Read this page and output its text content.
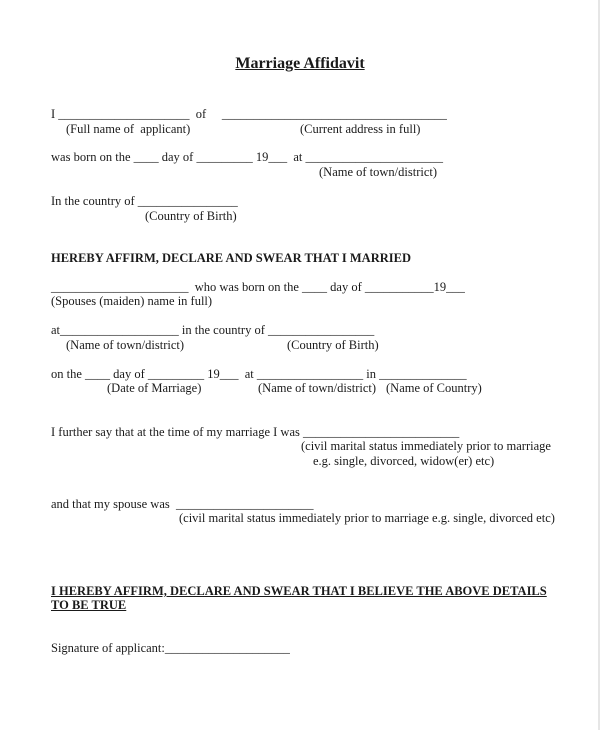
Marriage Affidavit
I _____________________  of     ____________________________________
(Full name of  applicant)	(Current address in full)
was born on the ____ day of _________ 19___  at ______________________
(Name of town/district)
In the country of ________________
(Country of Birth)
HEREBY AFFIRM, DECLARE AND SWEAR THAT I MARRIED
______________________  who was born on the ____ day of ___________19___
(Spouses (maiden) name in full)
at___________________ in the country of _________________
(Name of town/district)	(Country of Birth)
on the ____ day of _________ 19___  at _________________ in ______________
(Date of Marriage)	(Name of town/district) (Name of Country)
I further say that at the time of my marriage I was _________________________
(civil marital status immediately prior to marriage
e.g. single, divorced, widow(er) etc)
and that my spouse was  ______________________
(civil marital status immediately prior to marriage e.g. single, divorced etc)
I HEREBY AFFIRM, DECLARE AND SWEAR THAT I BELIEVE THE ABOVE DETAILS
TO BE TRUE
Signature of applicant:____________________
